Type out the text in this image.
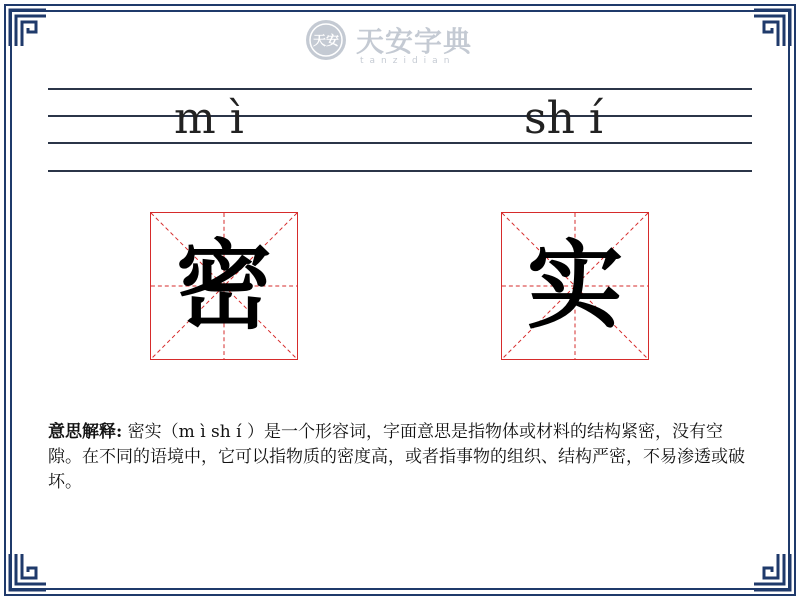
天安 天安字典
tanzidian
m ì	sh í
密	实
意思解释: 密实（m ì sh í ）是一个形容词，字面意思是指物体或材料的结构紧密，没有空隙。在不同的语境中，它可以指物质的密度高，或者指事物的组织、结构严密，不易渗透或破坏。
